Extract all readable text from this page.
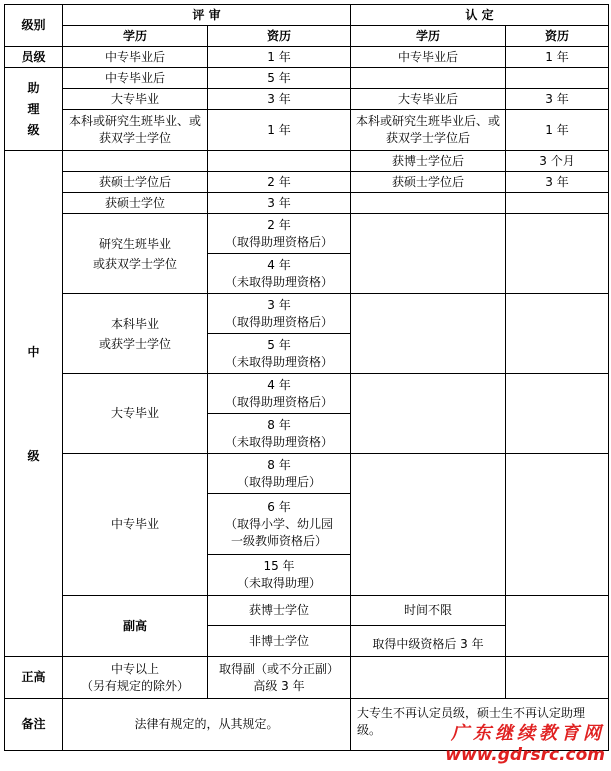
级别	评 审		认 定		
	学历	资历	学历	资历	
员级	中专毕业后	1 年	中专毕业后	1 年	
助
理
级	中专毕业后	5 年			
	大专毕业	3 年	大专毕业后	3 年	
	本科或研究生班毕业、或获双学士学位	1 年	本科或研究生班毕业后、或获双学士学位后	1 年	
中

级			获博士学位后	3 个月	
	获硕士学位后	2 年	获硕士学位后	3 年	
	获硕士学位	3 年			
	研究生班毕业
或获双学士学位	2 年
（取得助理资格后）			
		4 年
（未取得助理资格）			
	本科毕业
或获学士学位	3 年
（取得助理资格后）			
		5 年
（未取得助理资格）			
	大专毕业	4 年
（取得助理资格后）			
		8 年
（未取得助理资格）			
	中专毕业	8 年
（取得助理后）			
		6 年
（取得小学、幼儿园
一级教师资格后）			
		15 年
（未取得助理）			
	副高	获博士学位	时间不限		
		非博士学位	取得中级资格后 3 年		
正高	中专以上
（另有规定的除外）	取得副（或不分正副）
高级 3 年			
备注	法律有规定的，从其规定。		大专生不再认定员级，硕士生不再认定助理级。			广东继续教育网
www.gdrsrc.com
